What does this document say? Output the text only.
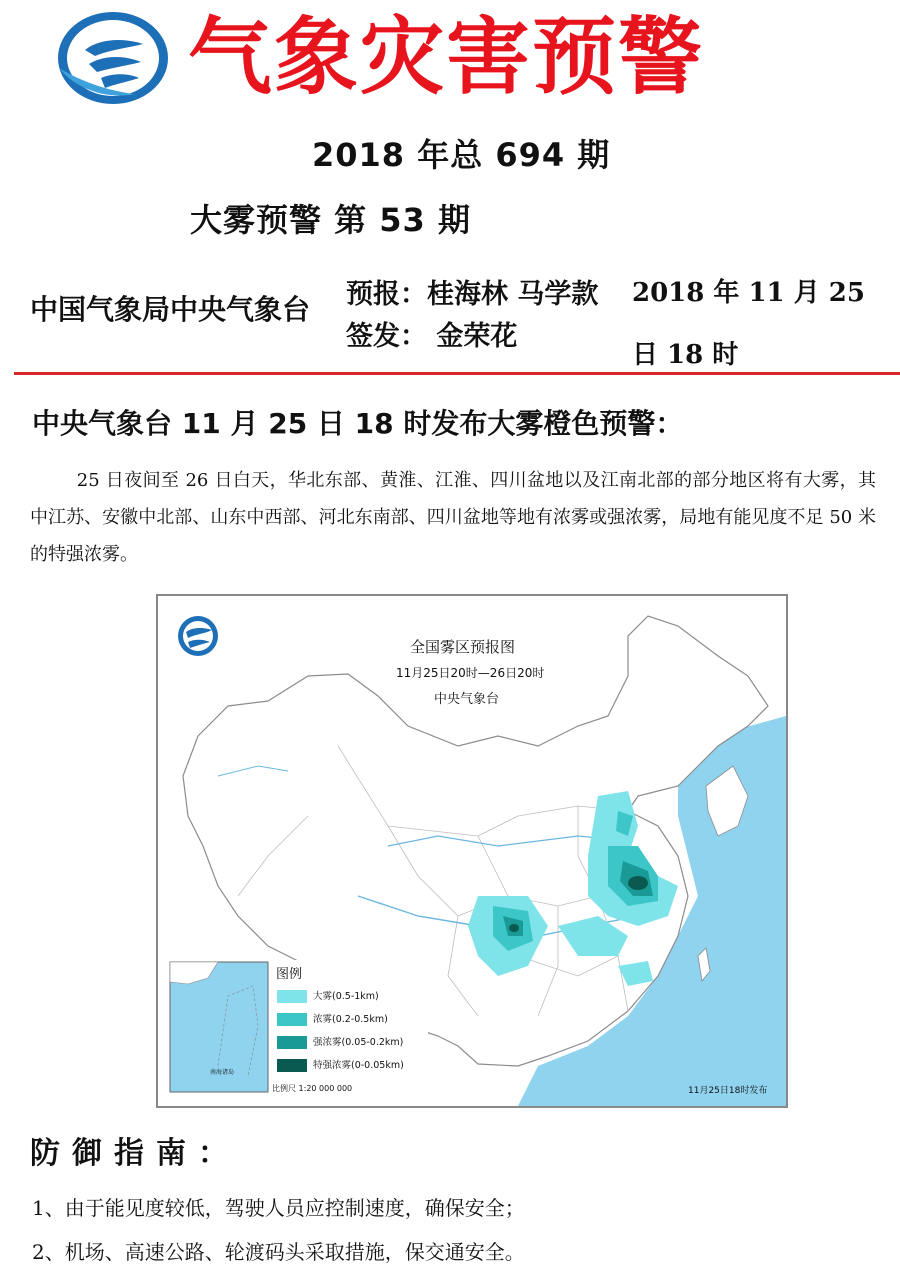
气象灾害预警
2018 年总 694 期
大雾预警 第 53 期
中国气象局中央气象台 预报：桂海林 马学款
签发： 金荣花
2018 年 11 月 25 日 18 时
中央气象台 11 月 25 日 18 时发布大雾橙色预警：
25 日夜间至 26 日白天，华北东部、黄淮、江淮、四川盆地以及江南北部的部分地区将有大雾，其中江苏、安徽中北部、山东中西部、河北东南部、四川盆地等地有浓雾或强浓雾，局地有能见度不足 50 米的特强浓雾。
全国雾区预报图
11月25日20时—26日20时
中央气象台
图例
大雾(0.5-1km)
浓雾(0.2-0.5km)
强浓雾(0.05-0.2km)
特强浓雾(0-0.05km)
比例尺 1:20 000 000
南海诸岛
11月25日18时发布
防御指南：
1、由于能见度较低，驾驶人员应控制速度，确保安全；
2、机场、高速公路、轮渡码头采取措施，保交通安全。
